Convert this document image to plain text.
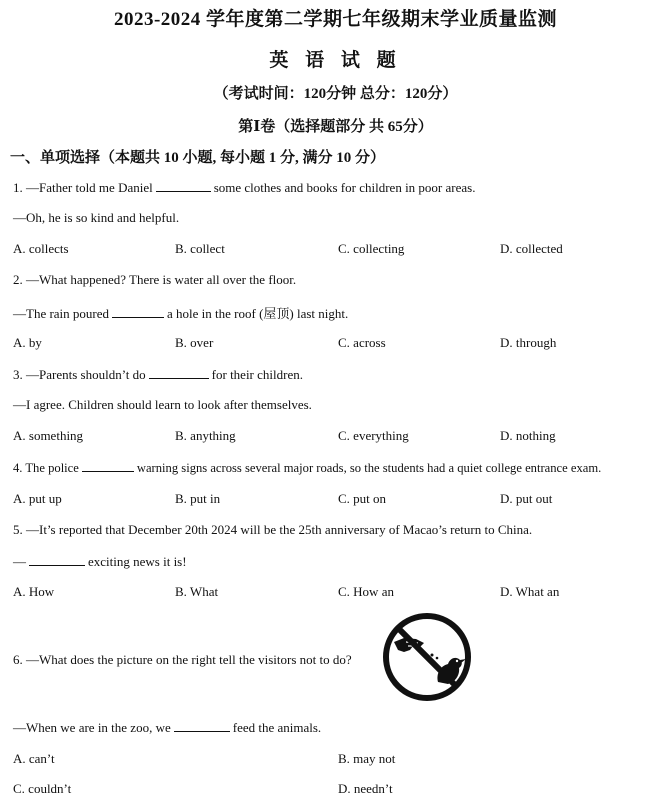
2023-2024 学年度第二学期七年级期末学业质量监测
英 语 试 题
（考试时间：120分钟 总分：120分）
第Ⅰ卷（选择题部分 共 65分）
一、单项选择（本题共 10 小题, 每小题 1 分, 满分 10 分）
1. —Father told me Daniel	some clothes and books for children in poor areas.
—Oh, he is so kind and helpful.
A. collects	B. collect	C. collecting	D. collected
2. —What happened? There is water all over the floor.
—The rain poured	a hole in the roof (屋顶) last night.
A. by	B. over	C. across	D. through
3. —Parents shouldn’t do	for their children.
—I agree. Children should learn to look after themselves.
A. something	B. anything	C. everything	D. nothing
4. The police	warning signs across several major roads, so the students had a quiet college entrance exam.
A. put up	B. put in	C. put on	D. put out
5. —It’s reported that December 20th 2024 will be the 25th anniversary of Macao’s return to China.
—	exciting news it is!
A. How	B. What	C. How an	D. What an
6. —What does the picture on the right tell the visitors not to do?
—When we are in the zoo, we	feed the animals.
A. can’t	B. may not
C. couldn’t	D. needn’t
